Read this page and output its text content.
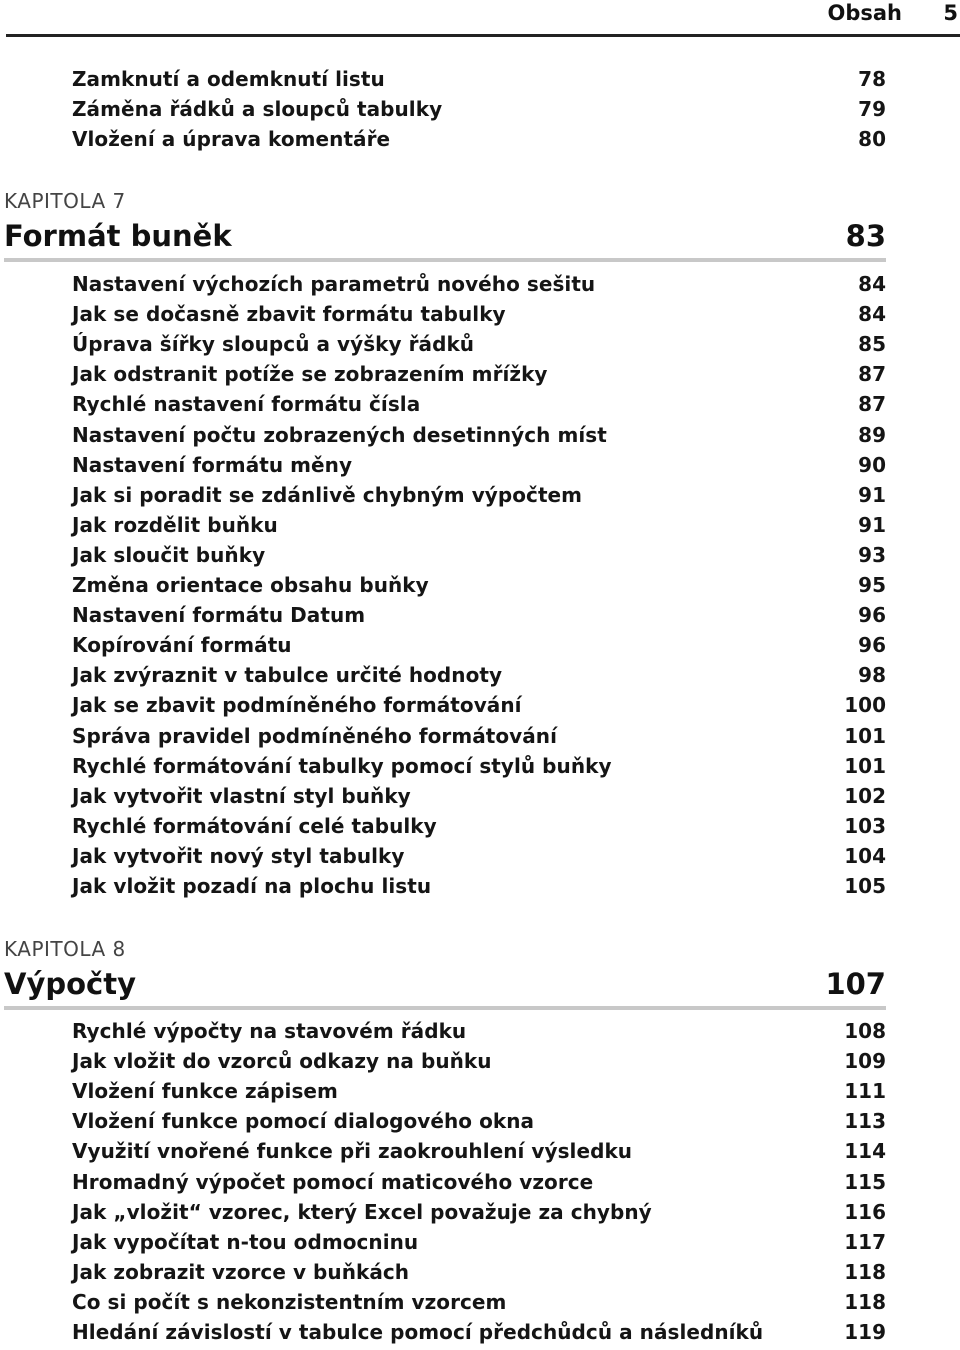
Obsah 5
Zamknutí a odemknutí listu	78
Záměna řádků a sloupců tabulky	79
Vložení a úprava komentáře	80
KAPITOLA 7
Formát buněk	83
Nastavení výchozích parametrů nového sešitu	84
Jak se dočasně zbavit formátu tabulky	84
Úprava šířky sloupců a výšky řádků	85
Jak odstranit potíže se zobrazením mřížky	87
Rychlé nastavení formátu čísla	87
Nastavení počtu zobrazených desetinných míst	89
Nastavení formátu měny	90
Jak si poradit se zdánlivě chybným výpočtem	91
Jak rozdělit buňku	91
Jak sloučit buňky	93
Změna orientace obsahu buňky	95
Nastavení formátu Datum	96
Kopírování formátu	96
Jak zvýraznit v tabulce určité hodnoty	98
Jak se zbavit podmíněného formátování	100
Správa pravidel podmíněného formátování	101
Rychlé formátování tabulky pomocí stylů buňky	101
Jak vytvořit vlastní styl buňky	102
Rychlé formátování celé tabulky	103
Jak vytvořit nový styl tabulky	104
Jak vložit pozadí na plochu listu	105
KAPITOLA 8
Výpočty	107
Rychlé výpočty na stavovém řádku	108
Jak vložit do vzorců odkazy na buňku	109
Vložení funkce zápisem	111
Vložení funkce pomocí dialogového okna	113
Využití vnořené funkce při zaokrouhlení výsledku	114
Hromadný výpočet pomocí maticového vzorce	115
Jak „vložit“ vzorec, který Excel považuje za chybný	116
Jak vypočítat n-tou odmocninu	117
Jak zobrazit vzorce v buňkách	118
Co si počít s nekonzistentním vzorcem	118
Hledání závislostí v tabulce pomocí předchůdců a následníků	119
